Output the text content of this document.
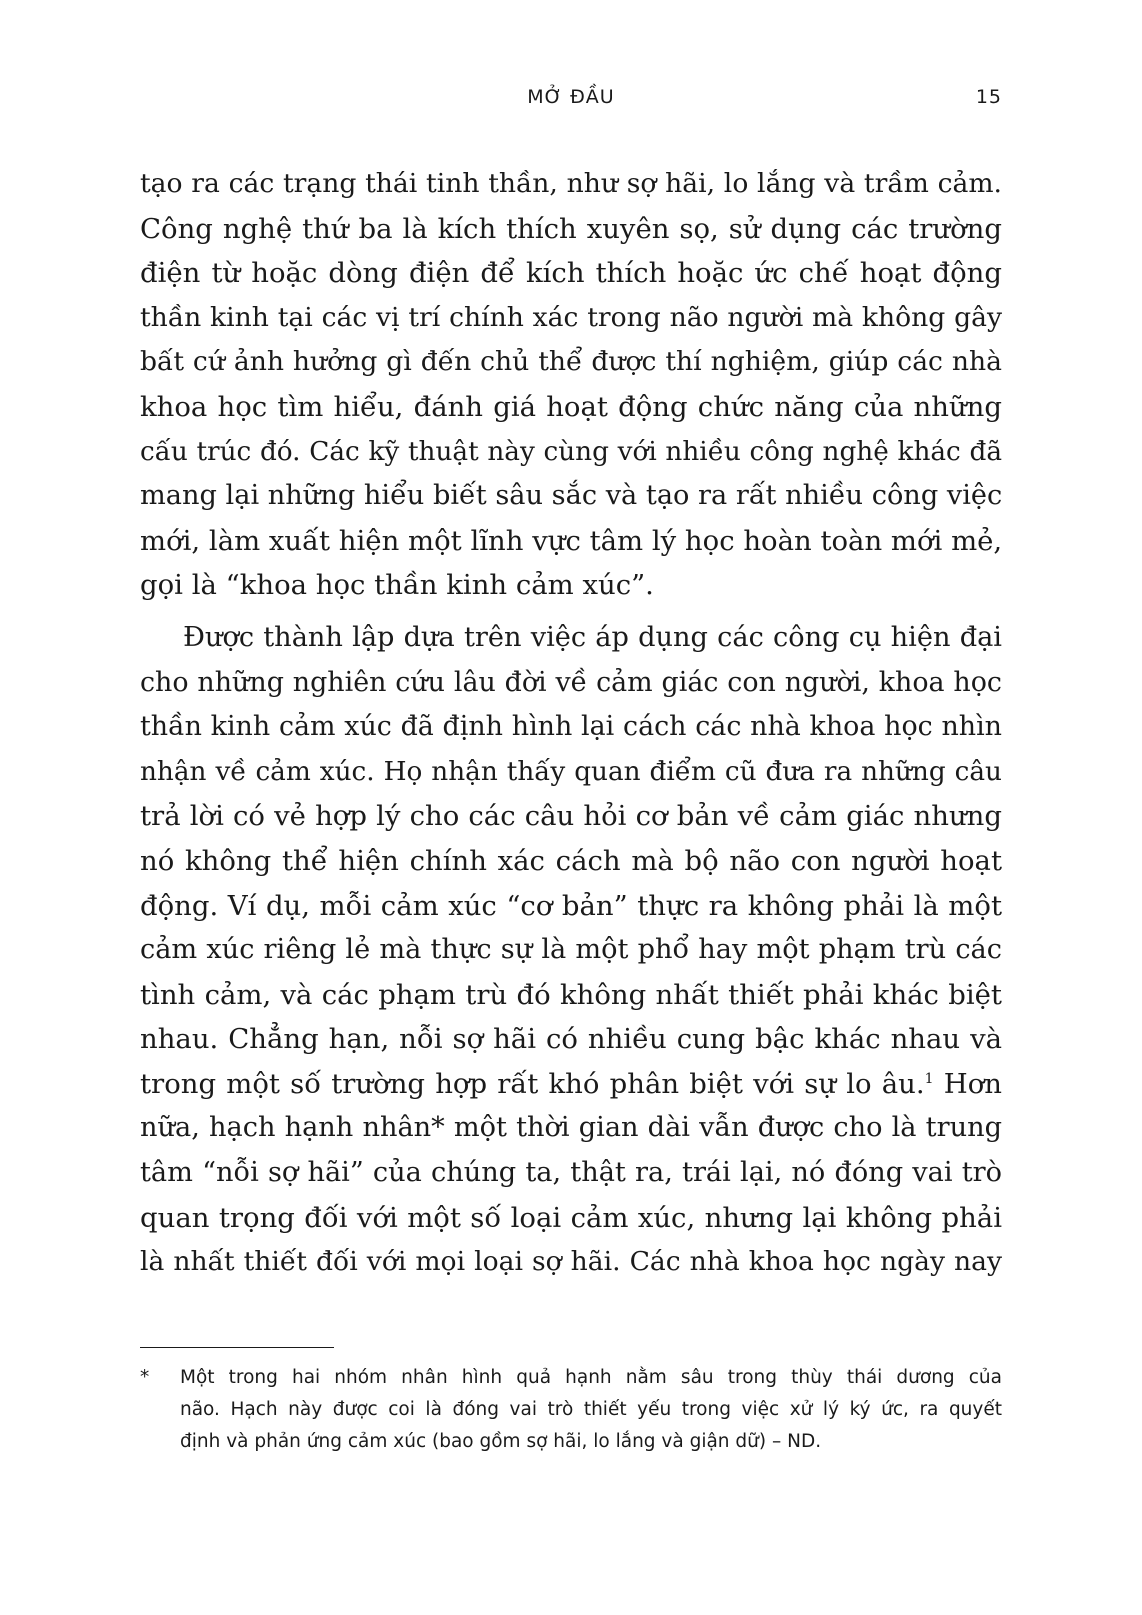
MỞ ĐẦU	15
tạo ra các trạng thái tinh thần, như sợ hãi, lo lắng và trầm cảm.
Công nghệ thứ ba là kích thích xuyên sọ, sử dụng các trường
điện từ hoặc dòng điện để kích thích hoặc ức chế hoạt động
thần kinh tại các vị trí chính xác trong não người mà không gây
bất cứ ảnh hưởng gì đến chủ thể được thí nghiệm, giúp các nhà
khoa học tìm hiểu, đánh giá hoạt động chức năng của những
cấu trúc đó. Các kỹ thuật này cùng với nhiều công nghệ khác đã
mang lại những hiểu biết sâu sắc và tạo ra rất nhiều công việc
mới, làm xuất hiện một lĩnh vực tâm lý học hoàn toàn mới mẻ,
gọi là “khoa học thần kinh cảm xúc”.
Được thành lập dựa trên việc áp dụng các công cụ hiện đại
cho những nghiên cứu lâu đời về cảm giác con người, khoa học
thần kinh cảm xúc đã định hình lại cách các nhà khoa học nhìn
nhận về cảm xúc. Họ nhận thấy quan điểm cũ đưa ra những câu
trả lời có vẻ hợp lý cho các câu hỏi cơ bản về cảm giác nhưng
nó không thể hiện chính xác cách mà bộ não con người hoạt
động. Ví dụ, mỗi cảm xúc “cơ bản” thực ra không phải là một
cảm xúc riêng lẻ mà thực sự là một phổ hay một phạm trù các
tình cảm, và các phạm trù đó không nhất thiết phải khác biệt
nhau. Chẳng hạn, nỗi sợ hãi có nhiều cung bậc khác nhau và
trong một số trường hợp rất khó phân biệt với sự lo âu.$^1$ Hơn
nữa, hạch hạnh nhân* một thời gian dài vẫn được cho là trung
tâm “nỗi sợ hãi” của chúng ta, thật ra, trái lại, nó đóng vai trò
quan trọng đối với một số loại cảm xúc, nhưng lại không phải
là nhất thiết đối với mọi loại sợ hãi. Các nhà khoa học ngày nay
* Một trong hai nhóm nhân hình quả hạnh nằm sâu trong thùy thái dương của
não. Hạch này được coi là đóng vai trò thiết yếu trong việc xử lý ký ức, ra quyết
định và phản ứng cảm xúc (bao gồm sợ hãi, lo lắng và giận dữ) – ND.
